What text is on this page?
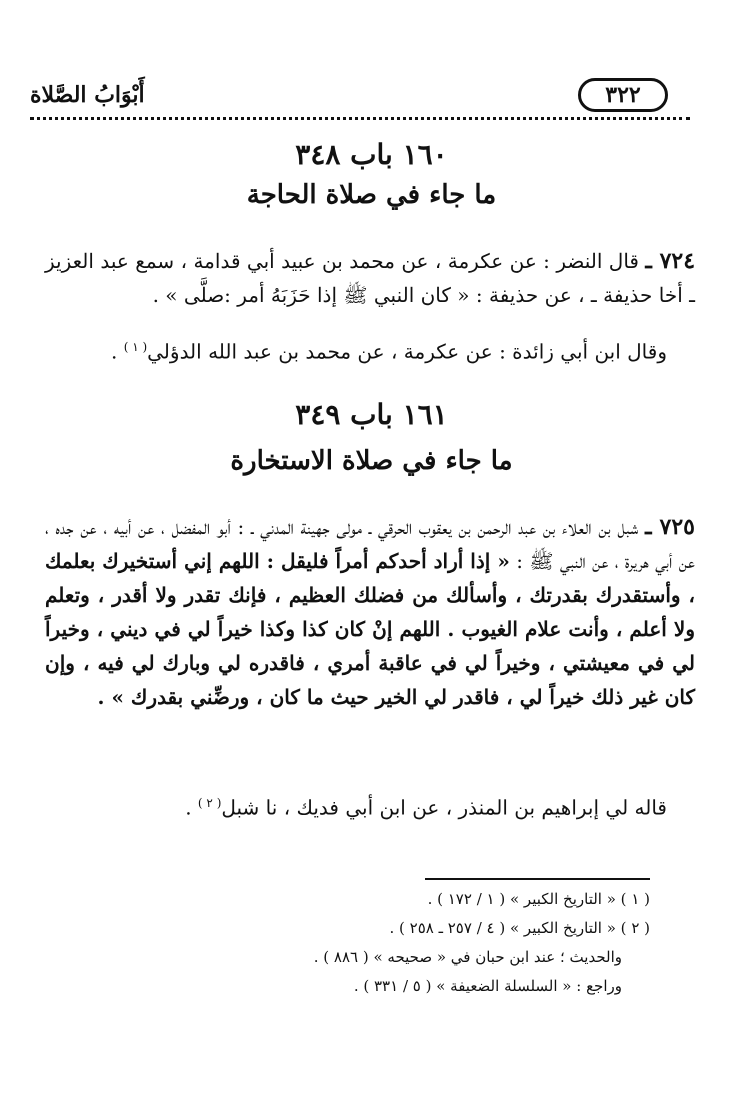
٣٢٢
أَبْوَابُ الصَّلاة
١٦٠ باب ٣٤٨
ما جاء في صلاة الحاجة
٧٢٤ ـ قال النضر : عن عكرمة ، عن محمد بن عبيد أبي قدامة ، سمع عبد العزيز ـ أخا حذيفة ـ ، عن حذيفة : « كان النبي ﷺ إذا حَزَبَهُ أمر :صلَّى » .
وقال ابن أبي زائدة : عن عكرمة ، عن محمد بن عبد الله الدؤلي$^{( ١ )}$ .
١٦١ باب ٣٤٩
ما جاء في صلاة الاستخارة
٧٢٥ ـ شبل بن العلاء بن عبد الرحمن بن يعقوب الحرقي ـ مولى جهينة المدني ـ : أبو المفضل ، عن أبيه ، عن جده ، عن أبي هريرة ، عن النبي ﷺ : « إذا أراد أحدكم أمراً فليقل : اللهم إني أستخيرك بعلمك ، وأستقدرك بقدرتك ، وأسألك من فضلك العظيم ، فإنك تقدر ولا أقدر ، وتعلم ولا أعلم ، وأنت علام الغيوب . اللهم إنْ كان كذا وكذا خيراً لي في ديني ، وخيراً لي في معيشتي ، وخيراً لي في عاقبة أمري ، فاقدره لي وبارك لي فيه ، وإن كان غير ذلك خيراً لي ، فاقدر لي الخير حيث ما كان ، ورضِّني بقدرك » .
قاله لي إبراهيم بن المنذر ، عن ابن أبي فديك ، نا شبل$^{( ٢ )}$ .

( ١ ) « التاريخ الكبير » ( ١ / ١٧٢ ) .

( ٢ ) « التاريخ الكبير » ( ٤ / ٢٥٧ ـ ٢٥٨ ) .

والحديث ؛ عند ابن حبان في « صحيحه » ( ٨٨٦ ) .

وراجع : « السلسلة الضعيفة » ( ٥ / ٣٣١ ) .
